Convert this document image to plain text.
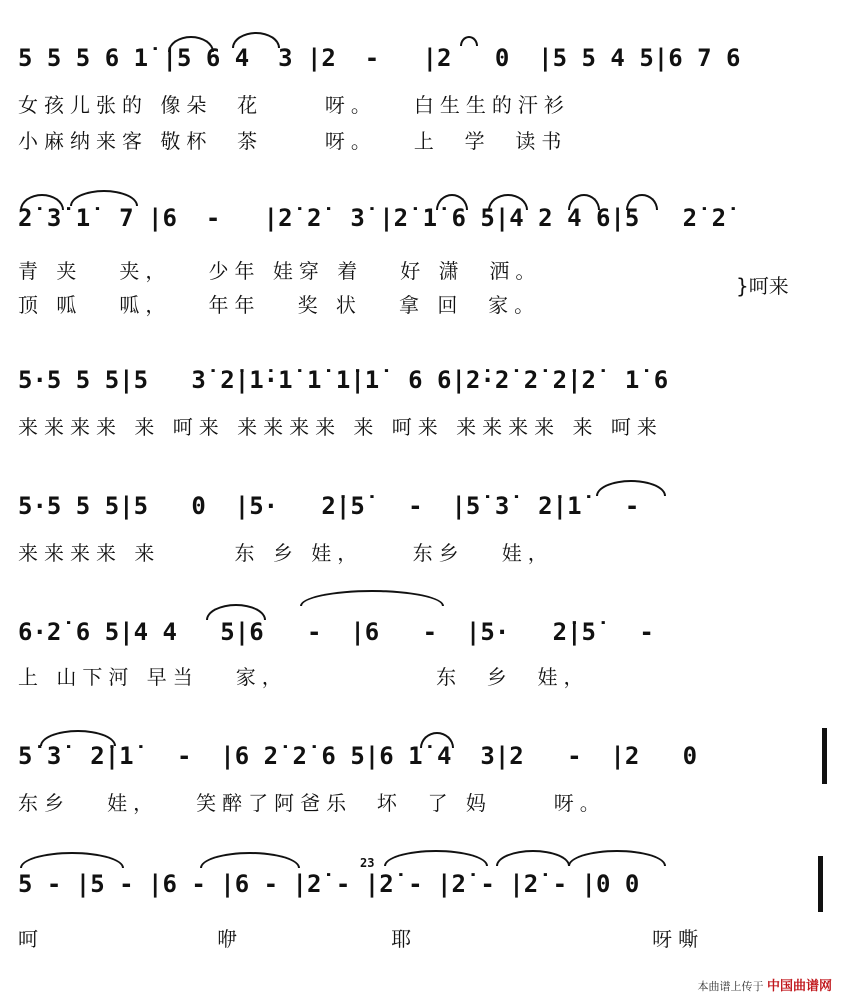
5 5 5 6 1̇ |5 6 4  3 |2  -   |2   0  |5 5 4 5|6 7 6
女孩儿张的 像朵  花     呀。   白生生的汗衫
小麻纳来客 敬杯  茶     呀。   上  学  读书
2̇ 3̇ 1̇  7 |6  -   |2̇ 2̇  3̇ |2̇ 1̇ 6 5|4 2 4 6|5   2̇ 2̇
青 夹   夹，   少年 娃穿 着   好 潇  洒。
顶 呱   呱，   年年   奖 状   拿 回  家。
}呵来
5·5 5 5|5   3̇ 2̇|1̇·1̇ 1̇ 1̇|1̇  6 6|2̇·2̇ 2̇ 2̇|2̇  1̇ 6
来来来来 来 呵来 来来来来 来 呵来 来来来来 来 呵来
5·5 5 5|5   0  |5·   2̇|5̇   -  |5̇ 3̇  2̇|1̇   -
来来来来 来      东 乡 娃，    东乡   娃，
6·2̇ 6 5|4 4   5|6   -  |6   -  |5·   2̇|5̇   -
上 山下河 早当   家，            东  乡  娃，
5̇ 3̇  2̇|1̇   -  |6 2̇ 2̇ 6 5|6 1̇ 4  3|2   -  |2   0
东乡   娃，   笑醉了阿爸乐  坏  了 妈     呀。
5 - |5 - |6 - |6 - |2̇ - |2̇ - |2̇ - |2̇ - |0 0
23
呵              咿            耶                   呀嘶
本曲谱上传于 中国曲谱网
